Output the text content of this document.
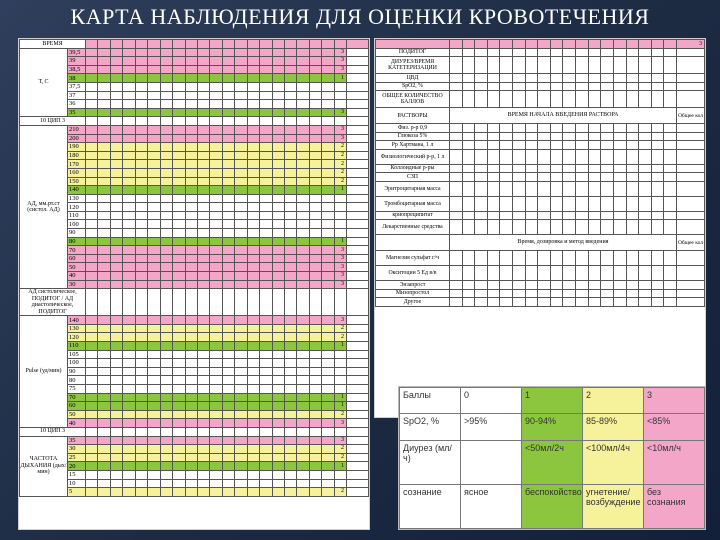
КАРТА НАБЛЮДЕНИЯ ДЛЯ ОЦЕНКИ КРОВОТЕЧЕНИЯ
ВРЕМЯ																							
Т, С	39,5																					3	
	39																					3	
	38,5																					3	
	38																					1	
	37,5																						
	37																						
	36																						
	35																					3	
10 ЦИП 3																							
АД, мм.рт.ст (систол. АД)	210																					3	
	200																					3	
	190																					2	
	180																					2	
	170																					2	
	160																					2	
	150																					2	
	140																					1	
	130																						
	120																						
	110																						
	100																						
	90																						
	80																					1	
	70																					3	
	60																					3	
	50																					3	
	40																					3	
	30																					3	
АД систолическое, ПОДИТОГ / АД диастолическое, ПОДИТОГ																							
Pulse (уд/мин)	140																					3	
	130																					2	
	120																					2	
	110																					1	
	105																						
	100																						
	90																						
	80																						
	75																						
	70																					1	
	60																					1	
	50																					2	
	40																					3	
10 ЦИП 3																							
ЧАСТОТА ДЫХАНИЯ (дых/мин)	35																					3	
	30																					2	
	25																					2	
	20																					1	
	15																						
	10																						
	5																					2	
																			3
ПОДИТОГ																			
ДИУРЕЗ/ВРЕМЯ КАТЕТЕРИЗАЦИИ																			
ЦВД																			
SpO2, %																			
ОБЩЕЕ КОЛИЧЕСТВО БАЛЛОВ																			
РАСТВОРЫ	ВРЕМЯ НАЧАЛА ВВЕДЕНИЯ РАСТВОРА																		Общее кол
Физ. р-р 0,9																			
Глюкоза 5%																			
Рр Хартмана, 1 л																			
Физиологический р-р, 1 л																			
Коллоидные р-ры																			
СЗП																			
Эритроцитарная масса																			
Тромбоцитарная масса																			
криопреципитат																			
Лекарственные средства																			
	Время, дозировка и метод введения																		Общее кол
Магнезия сульфат г/ч																			
Окситоцин 5 Ед в/в																			
Энзапрост																			
Мизопростол																			
Другое																			
Баллы	0	1	2	3
SpO2, %	>95%	90-94%	85-89%	<85%
Диурез (мл/ч)		<50мл/2ч	<100мл/4ч	<10мл/ч
сознание	ясное	беспокойство	угнетение/ возбуждение	без сознания
